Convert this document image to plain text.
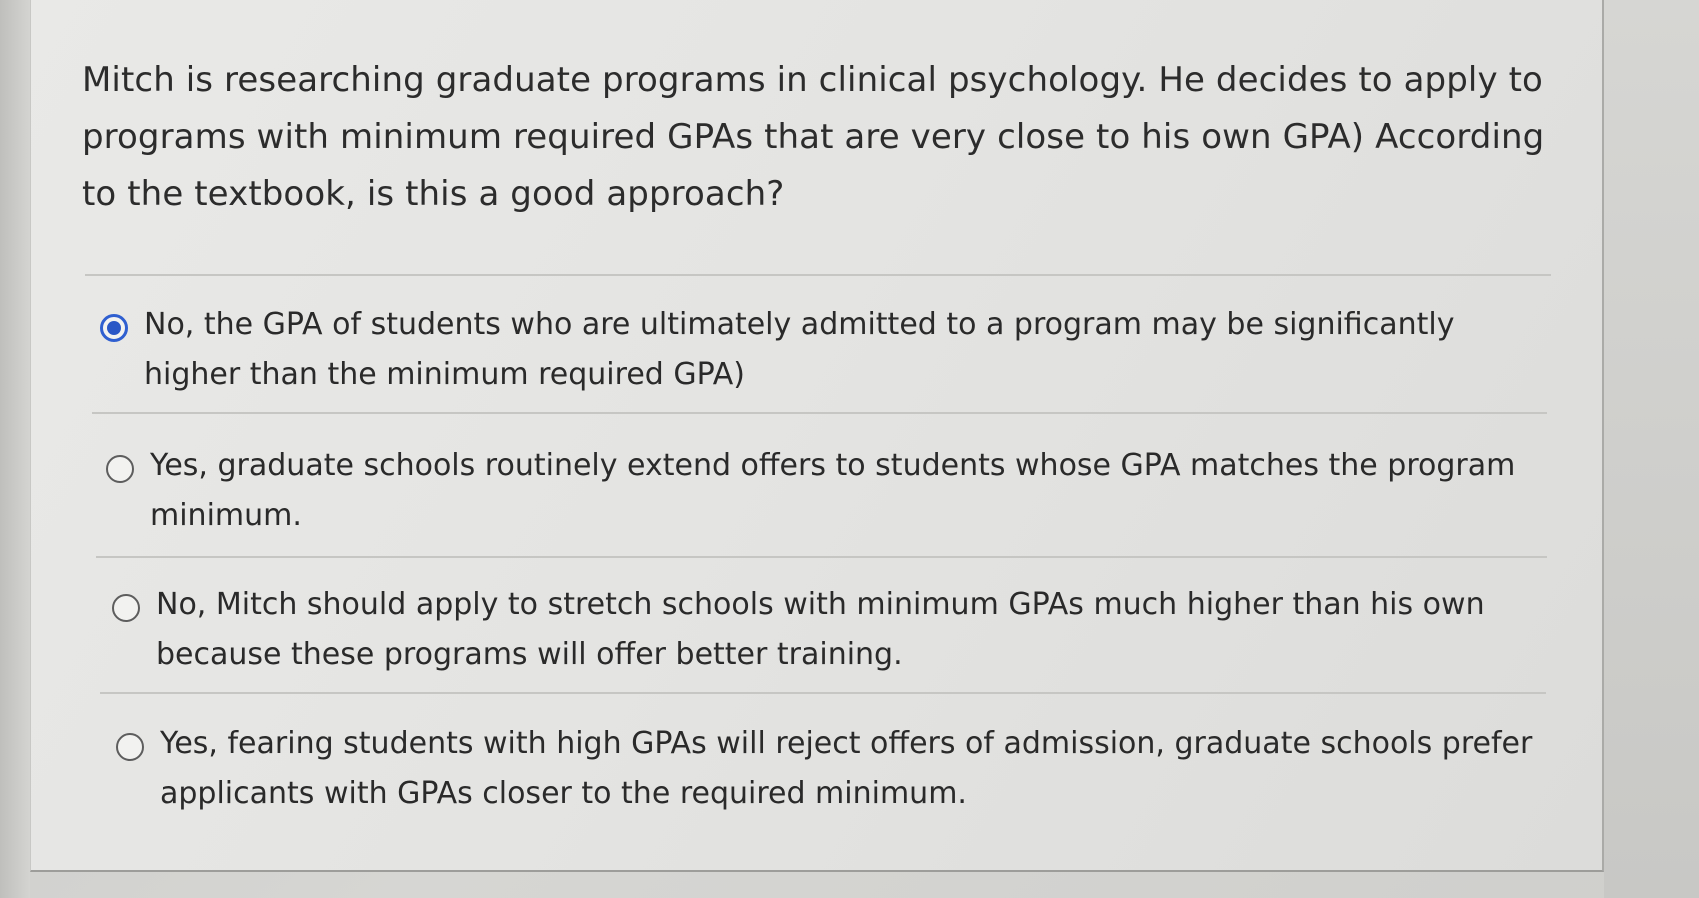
Mitch is researching graduate programs in clinical psychology. He decides to apply to programs with minimum required GPAs that are very close to his own GPA) According to the textbook, is this a good approach?

No, the GPA of students who are ultimately admitted to a program may be significantly higher than the minimum required GPA)
Yes, graduate schools routinely extend offers to students whose GPA matches the program minimum.
No, Mitch should apply to stretch schools with minimum GPAs much higher than his own because these programs will offer better training.
Yes, fearing students with high GPAs will reject offers of admission, graduate schools prefer applicants with GPAs closer to the required minimum.
